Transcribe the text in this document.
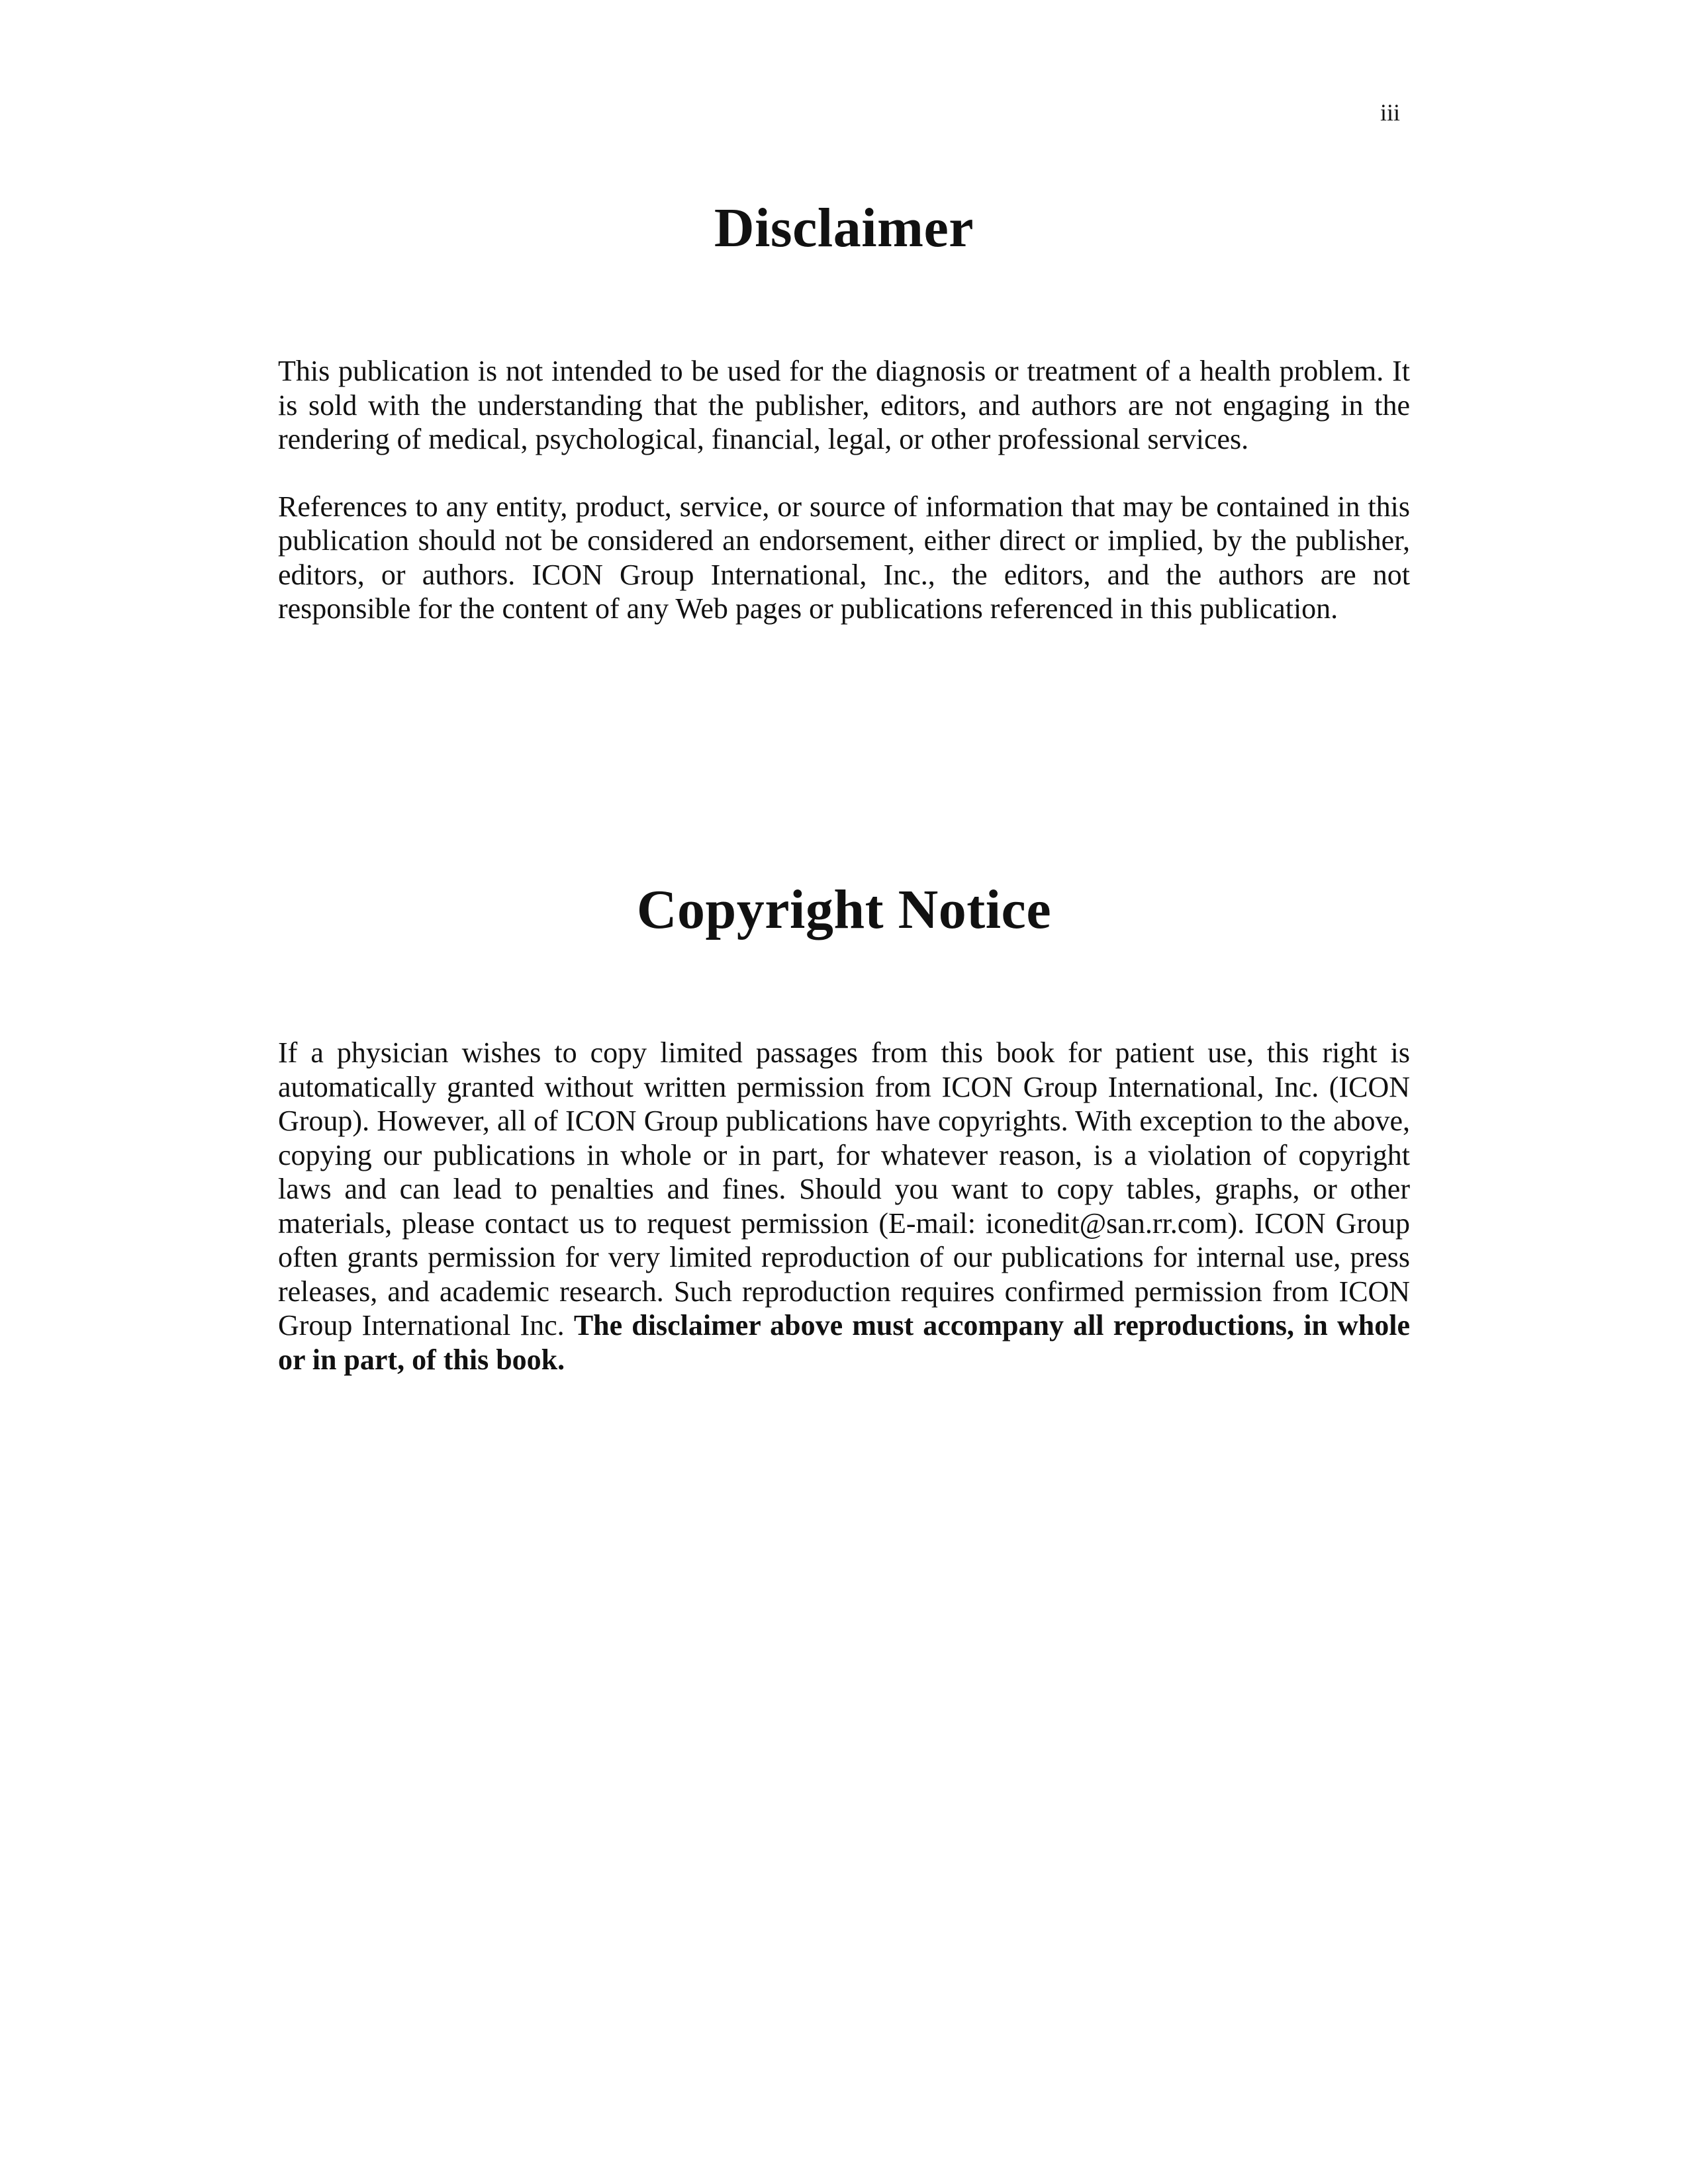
iii
Disclaimer

This publication is not intended to be used for the diagnosis or treatment of a health problem. It is sold with the understanding that the publisher, editors, and authors are not engaging in the rendering of medical, psychological, financial, legal, or other professional services.

References to any entity, product, service, or source of information that may be contained in this publication should not be considered an endorsement, either direct or implied, by the publisher, editors, or authors. ICON Group International, Inc., the editors, and the authors are not responsible for the content of any Web pages or publications referenced in this publication.

Copyright Notice

If a physician wishes to copy limited passages from this book for patient use, this right is automatically granted without written permission from ICON Group International, Inc. (ICON Group). However, all of ICON Group publications have copyrights. With exception to the above, copying our publications in whole or in part, for whatever reason, is a violation of copyright laws and can lead to penalties and fines. Should you want to copy tables, graphs, or other materials, please contact us to request permission (E-mail: iconedit@san.rr.com). ICON Group often grants permission for very limited reproduction of our publications for internal use, press releases, and academic research. Such reproduction requires confirmed permission from ICON Group International Inc. The disclaimer above must accompany all reproductions, in whole or in part, of this book.
